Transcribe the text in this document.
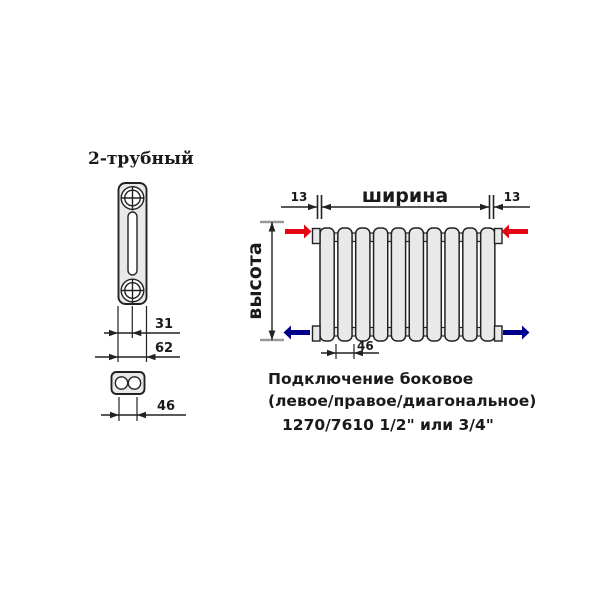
2-трубный
31
62
46
13	ширина	13
высота
46
Подключение боковое
(левое/правое/диагональное)
1270/7610 1/2" или 3/4"
